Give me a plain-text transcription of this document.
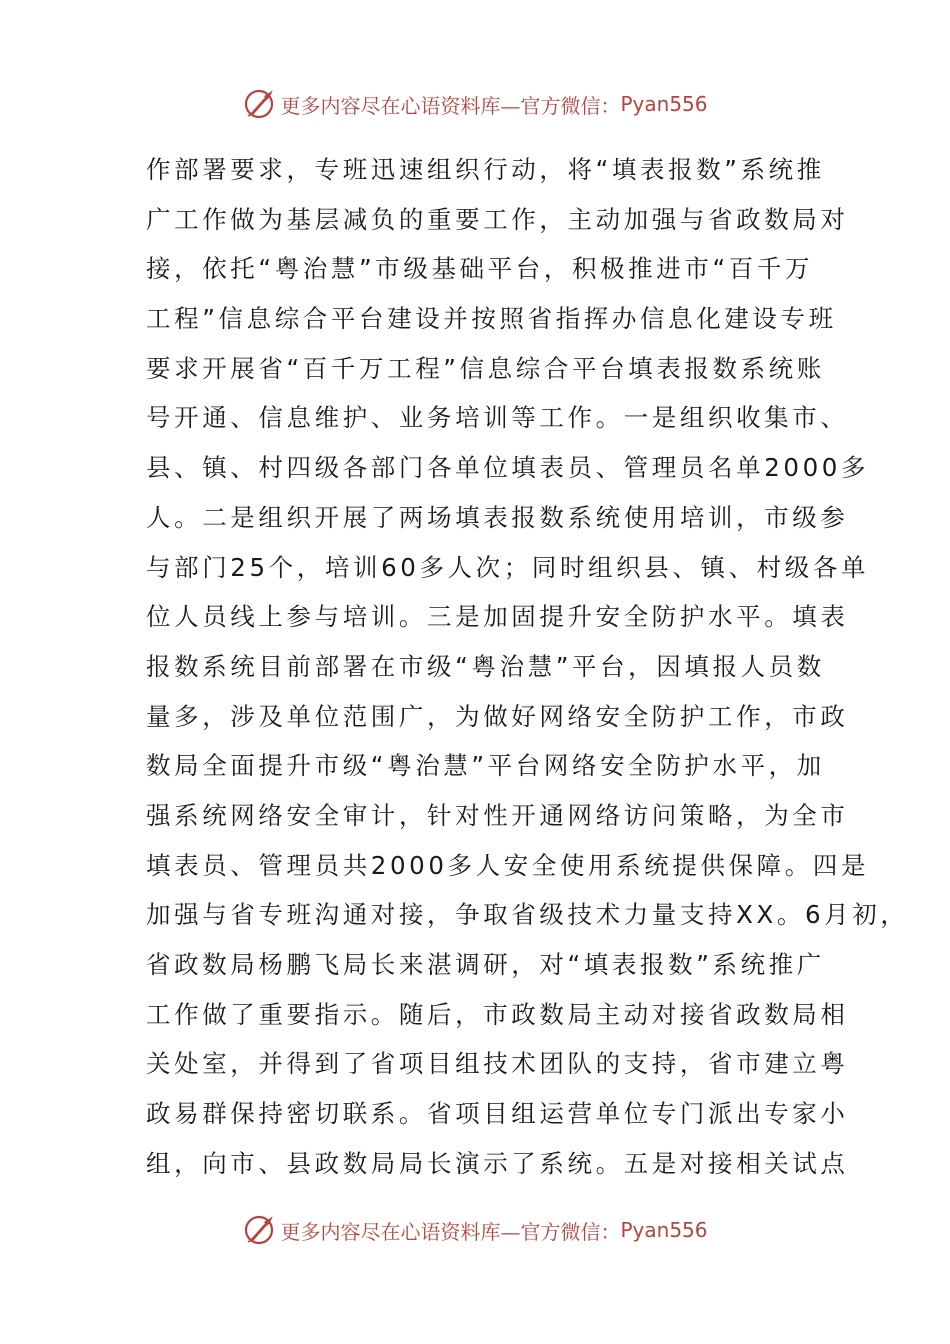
更多内容尽在心语资料库—官方微信： Pyan556
作部署要求，专班迅速组织行动，将“填表报数”系统推
广工作做为基层减负的重要工作，主动加强与省政数局对
接，依托“粤治慧”市级基础平台，积极推进市“百千万
工程”信息综合平台建设并按照省指挥办信息化建设专班
要求开展省“百千万工程”信息综合平台填表报数系统账
号开通、信息维护、业务培训等工作。一是组织收集市、
县、镇、村四级各部门各单位填表员、管理员名单2000多
人。二是组织开展了两场填表报数系统使用培训，市级参
与部门25个，培训60多人次；同时组织县、镇、村级各单
位人员线上参与培训。三是加固提升安全防护水平。填表
报数系统目前部署在市级“粤治慧”平台，因填报人员数
量多，涉及单位范围广，为做好网络安全防护工作，市政
数局全面提升市级“粤治慧”平台网络安全防护水平，加
强系统网络安全审计，针对性开通网络访问策略，为全市
填表员、管理员共2000多人安全使用系统提供保障。四是
加强与省专班沟通对接，争取省级技术力量支持XX。6月初，
省政数局杨鹏飞局长来湛调研，对“填表报数”系统推广
工作做了重要指示。随后，市政数局主动对接省政数局相
关处室，并得到了省项目组技术团队的支持，省市建立粤
政易群保持密切联系。省项目组运营单位专门派出专家小
组，向市、县政数局局长演示了系统。五是对接相关试点
更多内容尽在心语资料库—官方微信： Pyan556
